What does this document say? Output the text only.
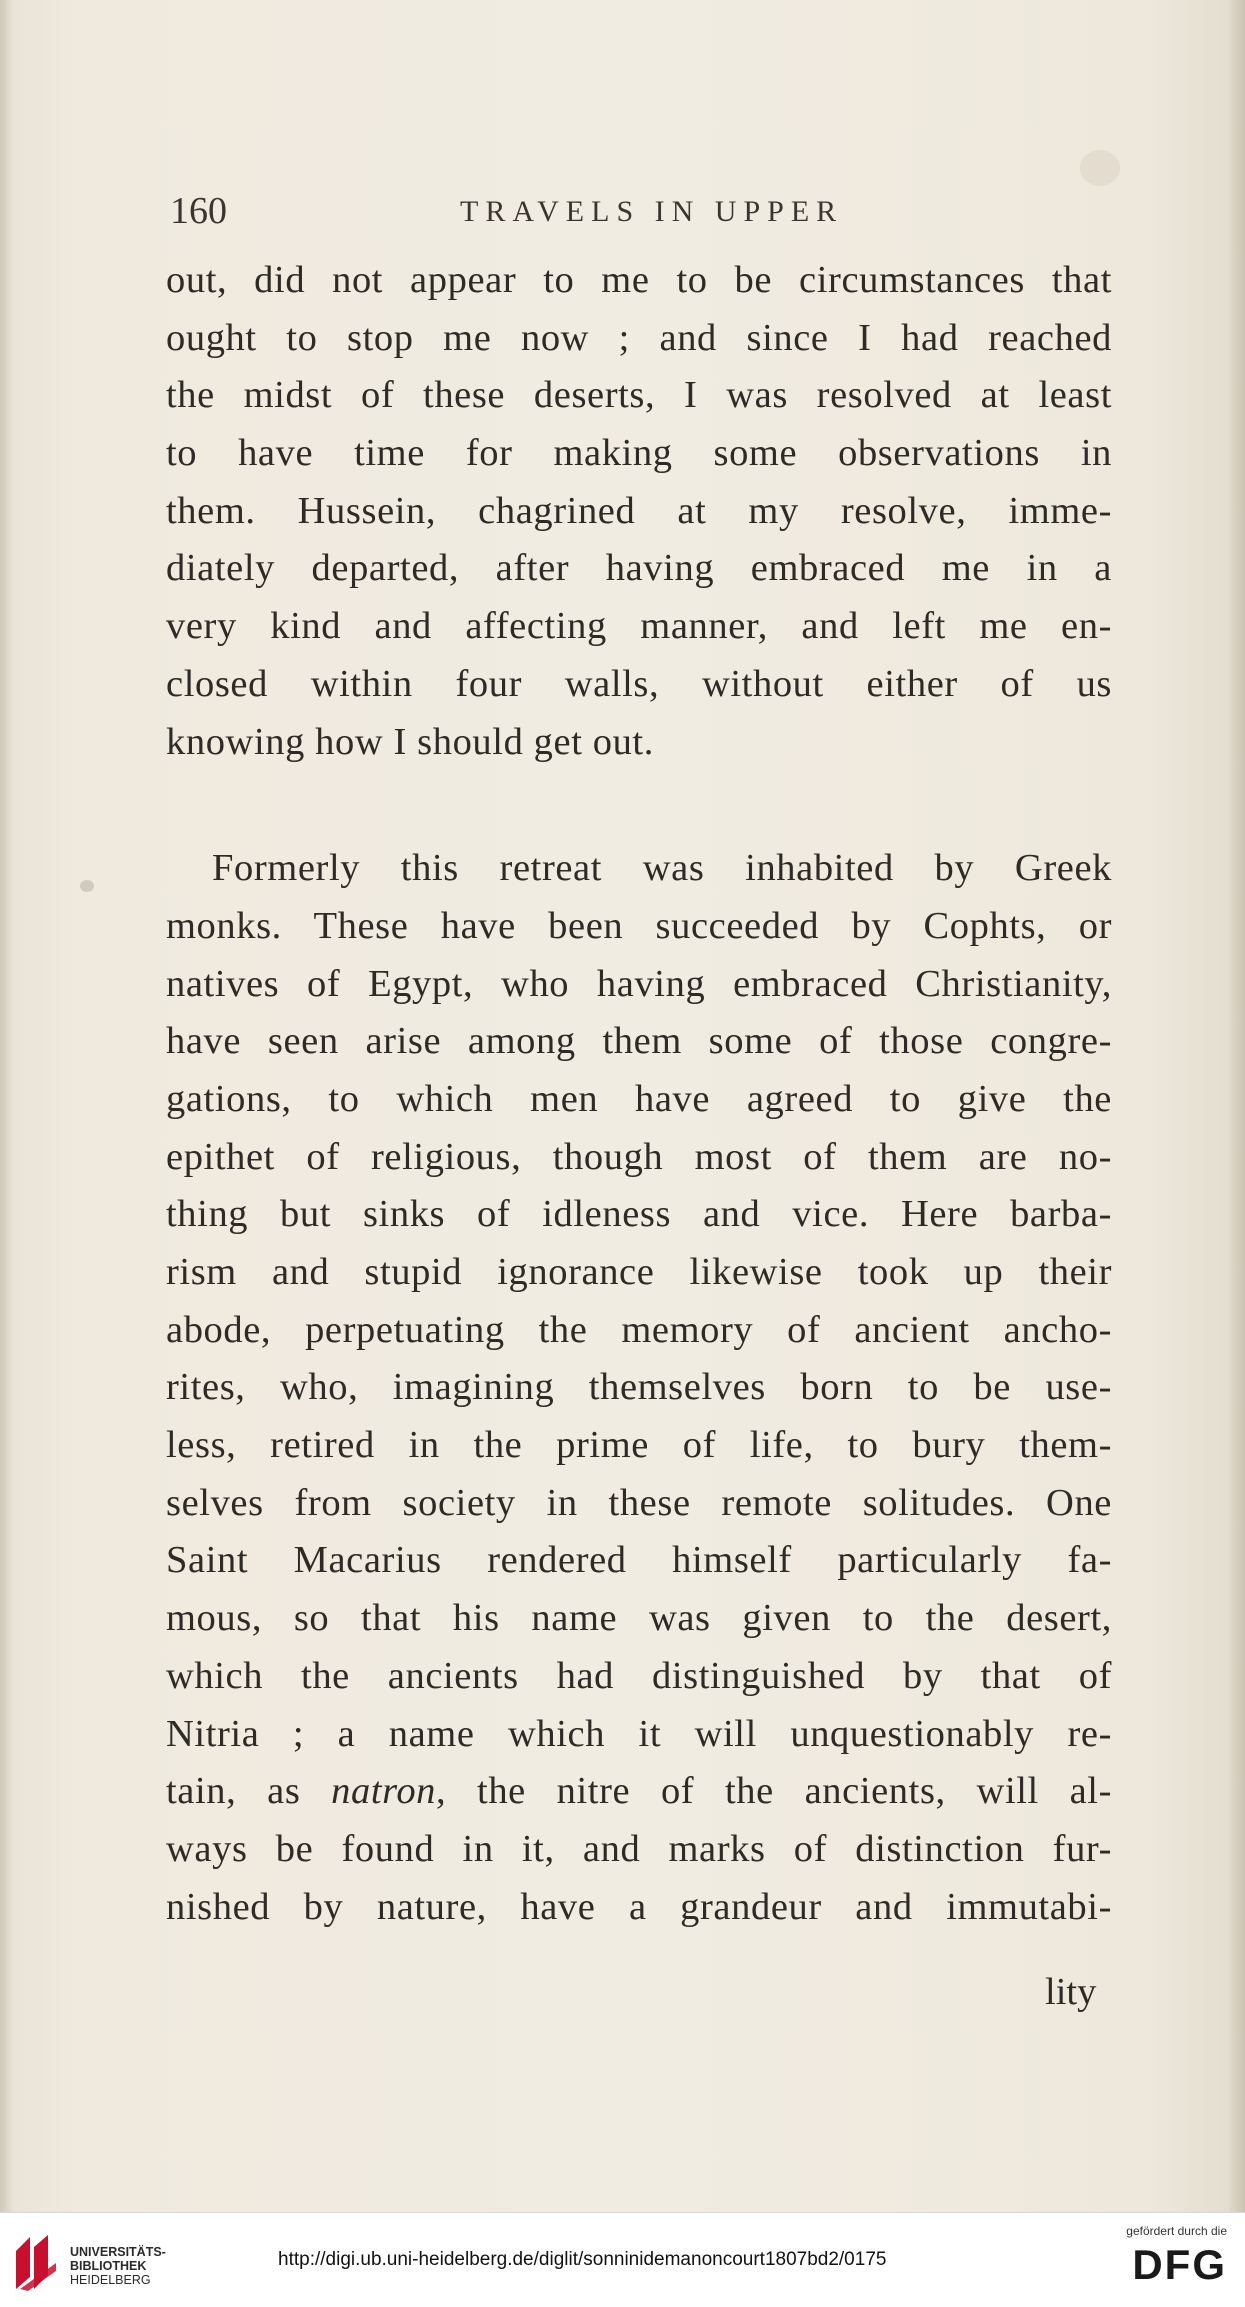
160	TRAVELS IN UPPER
out, did not appear to me to be circumstances that
ought to stop me now ; and since I had reached
the midst of these deserts, I was resolved at least
to have time for making some observations in
them. Hussein, chagrined at my resolve, imme-
diately departed, after having embraced me in a
very kind and affecting manner, and left me en-
closed within four walls, without either of us
knowing how I should get out.
Formerly this retreat was inhabited by Greek
monks. These have been succeeded by Cophts, or
natives of Egypt, who having embraced Christianity,
have seen arise among them some of those congre-
gations, to which men have agreed to give the
epithet of religious, though most of them are no-
thing but sinks of idleness and vice. Here barba-
rism and stupid ignorance likewise took up their
abode, perpetuating the memory of ancient ancho-
rites, who, imagining themselves born to be use-
less, retired in the prime of life, to bury them-
selves from society in these remote solitudes. One
Saint Macarius rendered himself particularly fa-
mous, so that his name was given to the desert,
which the ancients had distinguished by that of
Nitria ; a name which it will unquestionably re-
tain, as natron, the nitre of the ancients, will al-
ways be found in it, and marks of distinction fur-
nished by nature, have a grandeur and immutabi-
lity
UNIVERSITÄTS-
BIBLIOTHEK
HEIDELBERG
http://digi.ub.uni-heidelberg.de/diglit/sonninidemanoncourt1807bd2/0175
gefördert durch die
DFG
